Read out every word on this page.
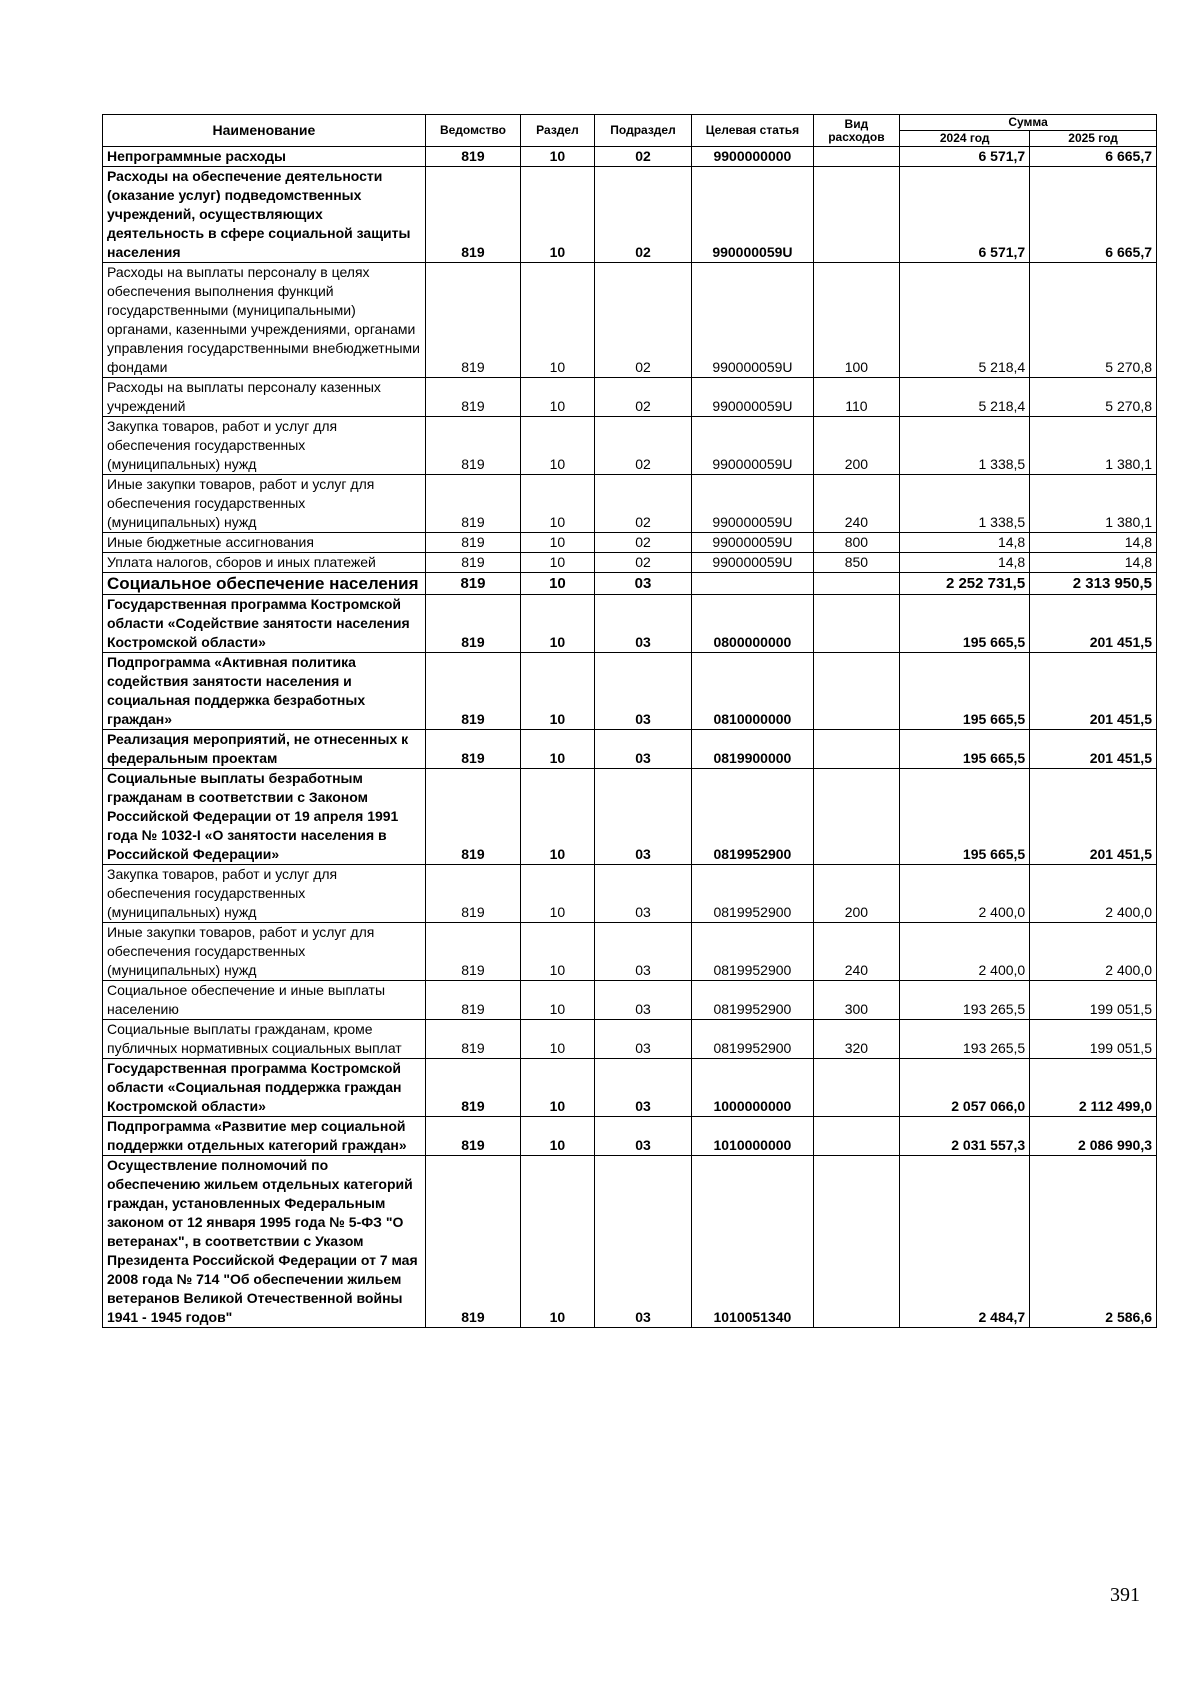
Наименование	Ведомство	Раздел	Подраздел	Целевая статья	Вид расходов	Сумма	
						2024 год	2025 год
Непрограммные расходы	819	10	02	9900000000		6 571,7	6 665,7
Расходы на обеспечение деятельности (оказание услуг) подведомственных учреждений, осуществляющих деятельность в сфере социальной защиты населения	819	10	02	990000059U		6 571,7	6 665,7
Расходы на выплаты персоналу в целях обеспечения выполнения функций государственными (муниципальными) органами, казенными учреждениями, органами управления государственными внебюджетными фондами	819	10	02	990000059U	100	5 218,4	5 270,8
Расходы на выплаты персоналу казенных учреждений	819	10	02	990000059U	110	5 218,4	5 270,8
Закупка товаров, работ и услуг для обеспечения государственных (муниципальных) нужд	819	10	02	990000059U	200	1 338,5	1 380,1
Иные закупки товаров, работ и услуг для обеспечения государственных (муниципальных) нужд	819	10	02	990000059U	240	1 338,5	1 380,1
Иные бюджетные ассигнования	819	10	02	990000059U	800	14,8	14,8
Уплата налогов, сборов и иных платежей	819	10	02	990000059U	850	14,8	14,8
Социальное обеспечение населения	819	10	03			2 252 731,5	2 313 950,5
Государственная программа Костромской области «Содействие занятости населения Костромской области»	819	10	03	0800000000		195 665,5	201 451,5
Подпрограмма «Активная политика содействия занятости населения и социальная поддержка безработных граждан»	819	10	03	0810000000		195 665,5	201 451,5
Реализация мероприятий, не отнесенных к федеральным проектам	819	10	03	0819900000		195 665,5	201 451,5
Социальные выплаты безработным гражданам в соответствии с Законом Российской Федерации от 19 апреля 1991 года № 1032-I «О занятости населения в Российской Федерации»	819	10	03	0819952900		195 665,5	201 451,5
Закупка товаров, работ и услуг для обеспечения государственных (муниципальных) нужд	819	10	03	0819952900	200	2 400,0	2 400,0
Иные закупки товаров, работ и услуг для обеспечения государственных (муниципальных) нужд	819	10	03	0819952900	240	2 400,0	2 400,0
Социальное обеспечение и иные выплаты населению	819	10	03	0819952900	300	193 265,5	199 051,5
Социальные выплаты гражданам, кроме публичных нормативных социальных выплат	819	10	03	0819952900	320	193 265,5	199 051,5
Государственная программа Костромской области «Социальная поддержка граждан Костромской области»	819	10	03	1000000000		2 057 066,0	2 112 499,0
Подпрограмма «Развитие мер социальной поддержки отдельных категорий граждан»	819	10	03	1010000000		2 031 557,3	2 086 990,3
Осуществление полномочий по обеспечению жильем отдельных категорий граждан, установленных Федеральным законом от 12 января 1995 года № 5-ФЗ "О ветеранах", в соответствии с Указом Президента Российской Федерации от 7 мая 2008 года № 714 "Об обеспечении жильем ветеранов Великой Отечественной войны 1941 - 1945 годов"	819	10	03	1010051340		2 484,7	2 586,6
391
